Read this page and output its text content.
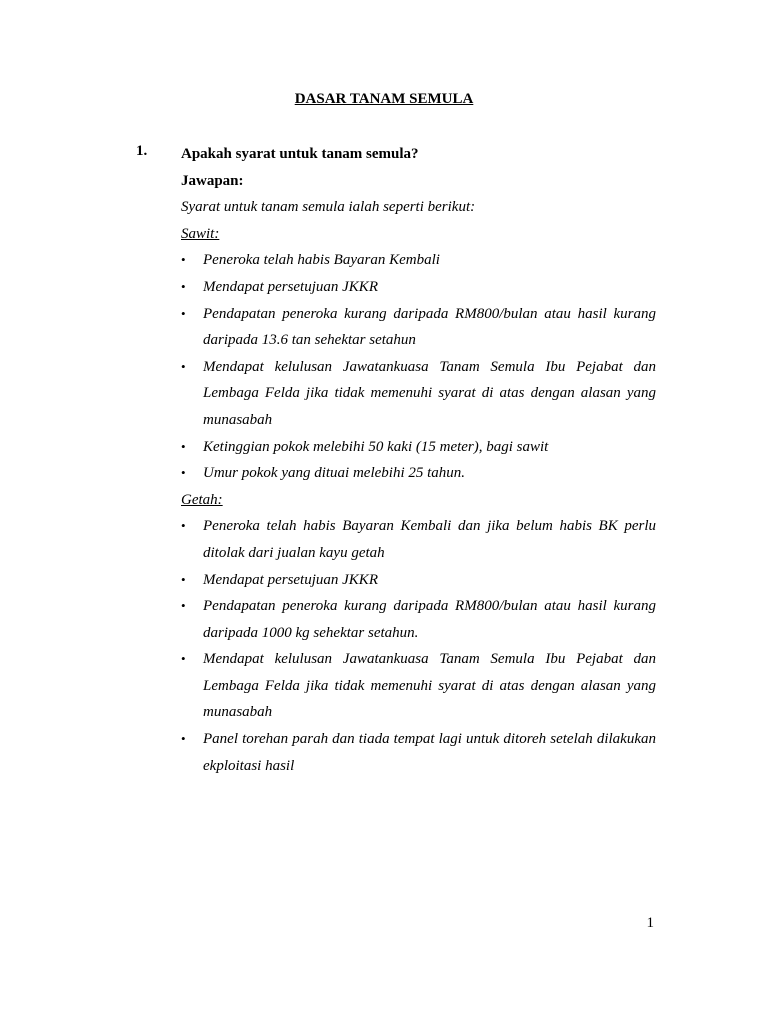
DASAR TANAM SEMULA
1. Apakah syarat untuk tanam semula?
Jawapan:
Syarat untuk tanam semula ialah seperti berikut:
Sawit:
• Peneroka telah habis Bayaran Kembali
• Mendapat persetujuan JKKR
• Pendapatan peneroka kurang daripada RM800/bulan atau hasil kurang daripada 13.6 tan sehektar setahun
• Mendapat kelulusan Jawatankuasa Tanam Semula Ibu Pejabat dan Lembaga Felda jika tidak memenuhi syarat di atas dengan alasan yang munasabah
• Ketinggian pokok melebihi 50 kaki (15 meter), bagi sawit
• Umur pokok yang dituai melebihi 25 tahun.
Getah:
• Peneroka telah habis Bayaran Kembali dan jika belum habis BK perlu ditolak dari jualan kayu getah
• Mendapat persetujuan JKKR
• Pendapatan peneroka kurang daripada RM800/bulan atau hasil kurang daripada 1000 kg sehektar setahun.
• Mendapat kelulusan Jawatankuasa Tanam Semula Ibu Pejabat dan Lembaga Felda jika tidak memenuhi syarat di atas dengan alasan yang munasabah
• Panel torehan parah dan tiada tempat lagi untuk ditoreh setelah dilakukan ekploitasi hasil
1
